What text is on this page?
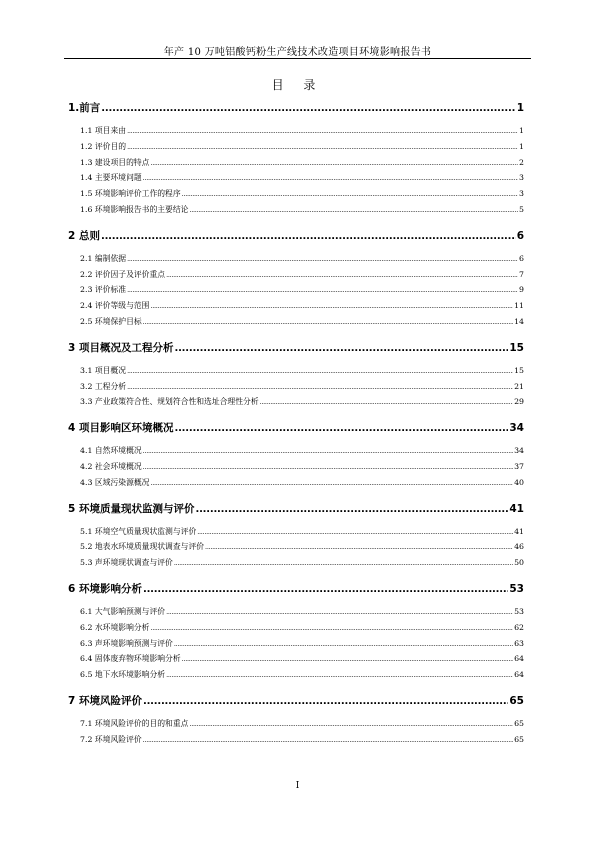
年产 10 万吨铝酸钙粉生产线技术改造项目环境影响报告书
目 录
1.前言 .....	1
1.1 项目来由 .....	1
1.2 评价目的 .....	1
1.3 建设项目的特点 .....	2
1.4 主要环境问题 .....	3
1.5 环境影响评价工作的程序 .....	3
1.6 环境影响报告书的主要结论 .....	5
2 总则 .....	6
2.1 编制依据 .....	6
2.2 评价因子及评价重点 .....	7
2.3 评价标准 .....	9
2.4 评价等级与范围 .....	11
2.5 环境保护目标 .....	14
3 项目概况及工程分析 .....	15
3.1 项目概况 .....	15
3.2 工程分析 .....	21
3.3 产业政策符合性、规划符合性和选址合理性分析 .....	29
4 项目影响区环境概况 .....	34
4.1 自然环境概况 .....	34
4.2 社会环境概况 .....	37
4.3 区域污染源概况 .....	40
5 环境质量现状监测与评价 .....	41
5.1 环境空气质量现状监测与评价 .....	41
5.2 地表水环境质量现状调查与评价 .....	46
5.3 声环境现状调查与评价 .....	50
6 环境影响分析 .....	53
6.1 大气影响预测与评价 .....	53
6.2 水环境影响分析 .....	62
6.3 声环境影响预测与评价 .....	63
6.4 固体废弃物环境影响分析 .....	64
6.5 地下水环境影响分析 .....	64
7 环境风险评价 .....	65
7.1 环境风险评价的目的和重点 .....	65
7.2 环境风险评价 .....	65
I
